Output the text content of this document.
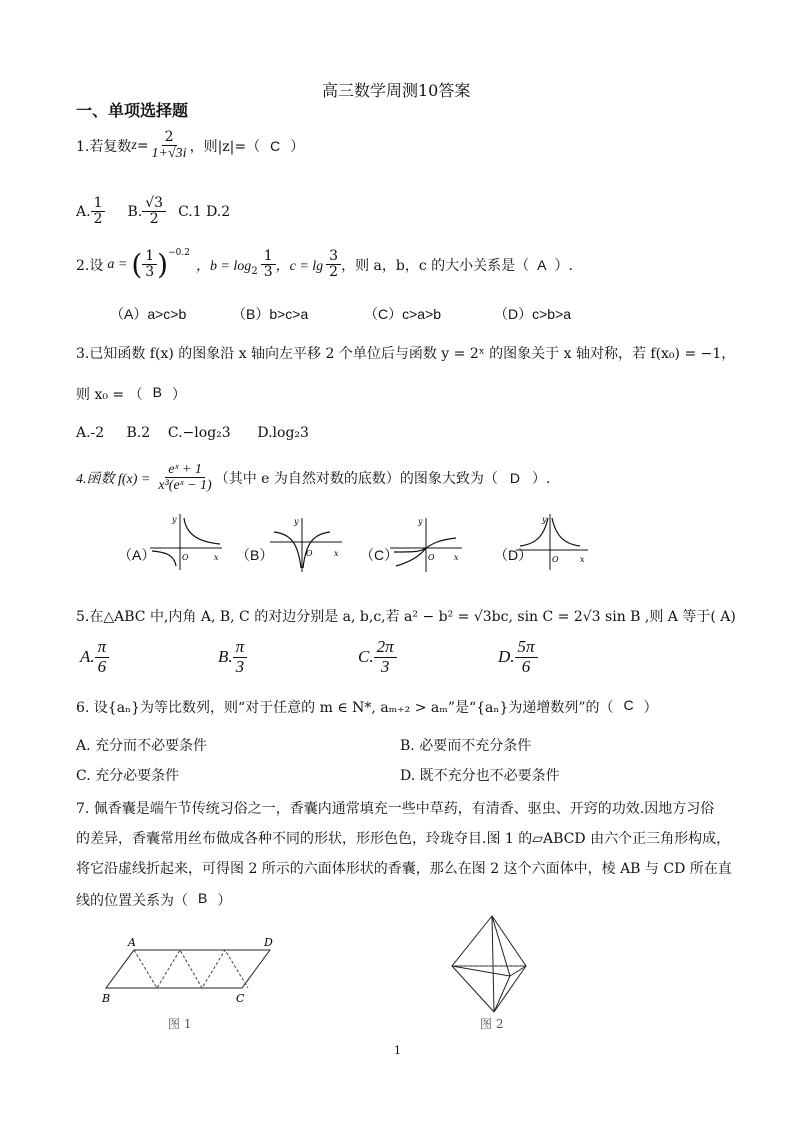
高三数学周测10答案
一、单项选择题
1.若复数 $z = \frac{2}{1+√3i}$ ，则|z|=（ C ）
A. $\frac{1}{2} B$. $\frac{√3}{2} C.1$ D.2
2.设 a = ( $\frac{1}{3}$ ) −0.2
，$b = \log 2 \frac{1}{3}$ ，$c = \lg \frac{3}{2}$ ，则 a，b，c 的大小关系是（ A ）.
（A）a>c>b	（B）b>c>a	（C）c>a>b	（D）c>b>a
3.已知函数 f(x) 的图象沿 x 轴向左平移 2 个单位后与函数 y = 2ˣ 的图象关于 x 轴对称，若 f(x₀) = −1，
则 x₀ = （ B ）
A.-2     B.2    C.−log₂3      D.log₂3
4.函数 $f(x) = \frac{\text{eˣ + 1}}{\text{x³(eˣ − 1)}}$ （其中 e 为自然对数的底数）的图象大致为（ D ）.
（A）	（B）	（C）	（D）
y
O	x
y
O	x
y
O x
y
O	x
5.在△ABC 中,内角 A, B, C 的对边分别是 a, b,c,若 a² − b² = √3bc, sin C = 2√3 sin B ,则 A 等于( A)
A. $\frac{\pi}{6}$	B. $\frac{\pi}{3}$	C. $\frac{2\pi}{3}$	D. $\frac{5\pi}{6}$
6. 设{aₙ}为等比数列，则“对于任意的 m ∈ N*, aₘ₊₂ > aₘ”是“{aₙ}为递增数列”的（ C ）
A. 充分而不必要条件	B. 必要而不充分条件
C. 充分必要条件	D. 既不充分也不必要条件
7. 佩香囊是端午节传统习俗之一，香囊内通常填充一些中草药，有清香、驱虫、开窍的功效.因地方习俗
的差异，香囊常用丝布做成各种不同的形状，形形色色，玲珑夺目.图 1 的▱ABCD 由六个正三角形构成，
将它沿虚线折起来，可得图 2 所示的六面体形状的香囊，那么在图 2 这个六面体中，棱 AB 与 CD 所在直
线的位置关系为（ B ）
A	D
B	C
图 1	图 2
1
